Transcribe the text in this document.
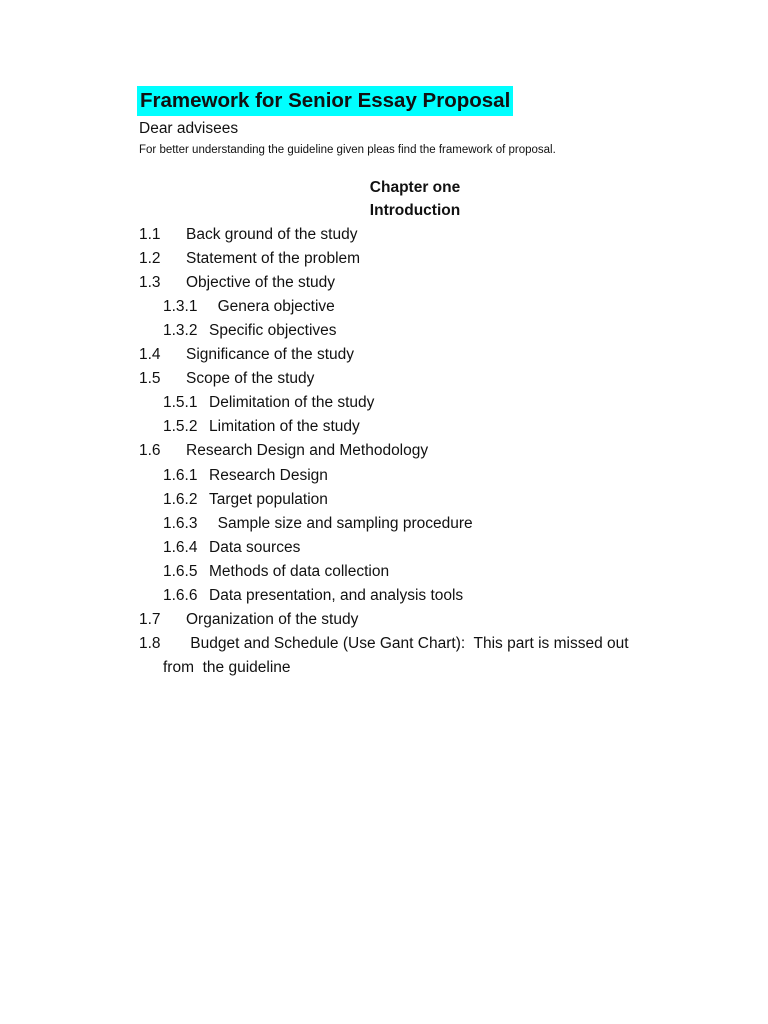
Framework for Senior Essay Proposal
Dear advisees
For better understanding the guideline given pleas find the framework of proposal.
Chapter one
Introduction
1.1 Back ground of the study
1.2 Statement of the problem
1.3 Objective of the study
1.3.1  Genera objective
1.3.2 Specific objectives
1.4 Significance of the study
1.5 Scope of the study
1.5.1 Delimitation of the study
1.5.2 Limitation of the study
1.6 Research Design and Methodology
1.6.1 Research Design
1.6.2 Target population
1.6.3  Sample size and sampling procedure
1.6.4 Data sources
1.6.5 Methods of data collection
1.6.6 Data presentation, and analysis tools
1.7 Organization of the study
1.8 Budget and Schedule (Use Gant Chart):  This part is missed out
from  the guideline
